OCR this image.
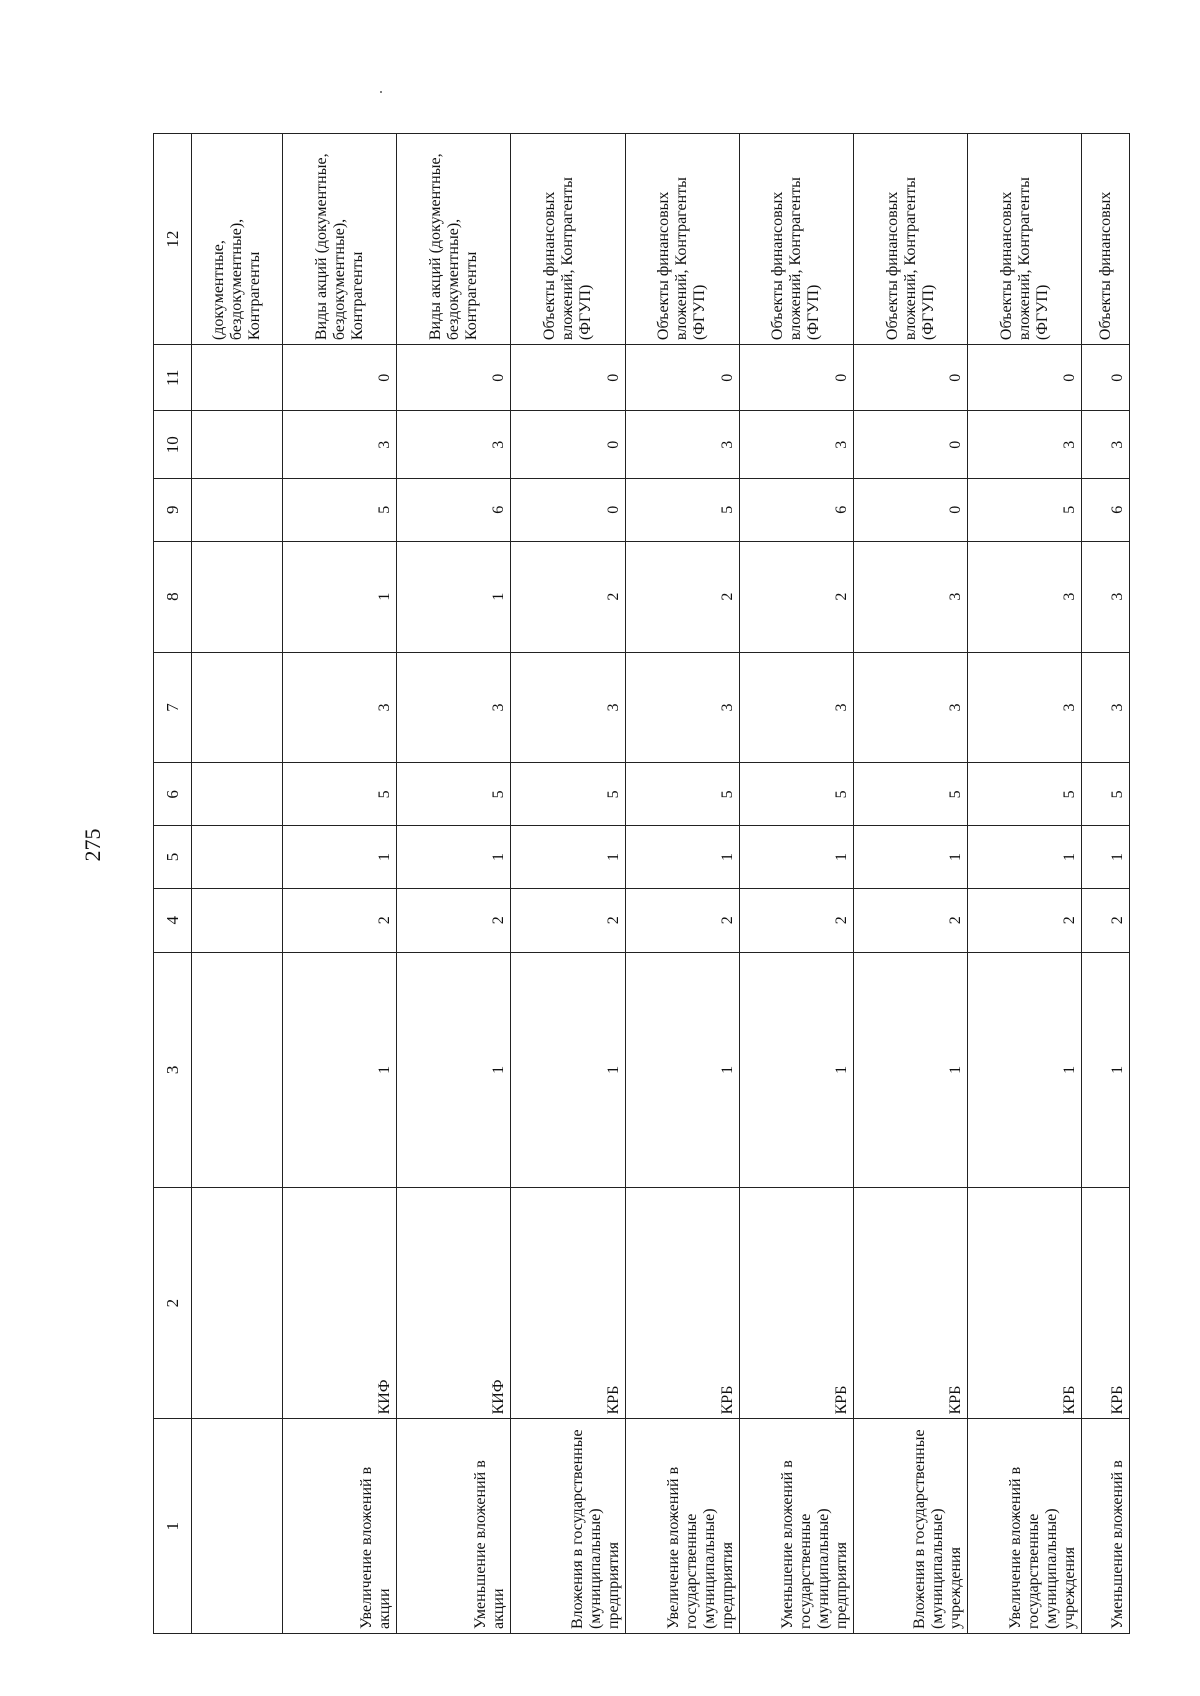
275
1	2	3	4	5	6	7	8	9	10	11	12
											(документные, бездокументные), Контрагенты
Увеличение вложений в акции	КИФ	1	2	1	5	3	1	5	3	0	Виды акций (документные, бездокументные), Контрагенты
Уменьшение вложений в акции	КИФ	1	2	1	5	3	1	6	3	0	Виды акций (документные, бездокументные), Контрагенты
Вложения в государственные (муниципальные) предприятия	КРБ	1	2	1	5	3	2	0	0	0	Объекты финансовых вложений, Контрагенты (ФГУП)
Увеличение вложений в государственные (муниципальные) предприятия	КРБ	1	2	1	5	3	2	5	3	0	Объекты финансовых вложений, Контрагенты (ФГУП)
Уменьшение вложений в государственные (муниципальные) предприятия	КРБ	1	2	1	5	3	2	6	3	0	Объекты финансовых вложений, Контрагенты (ФГУП)
Вложения в государственные (муниципальные) учреждения	КРБ	1	2	1	5	3	3	0	0	0	Объекты финансовых вложений, Контрагенты (ФГУП)
Увеличение вложений в государственные (муниципальные) учреждения	КРБ	1	2	1	5	3	3	5	3	0	Объекты финансовых вложений, Контрагенты (ФГУП)
Уменьшение вложений в	КРБ	1	2	1	5	3	3	6	3	0	Объекты финансовых
